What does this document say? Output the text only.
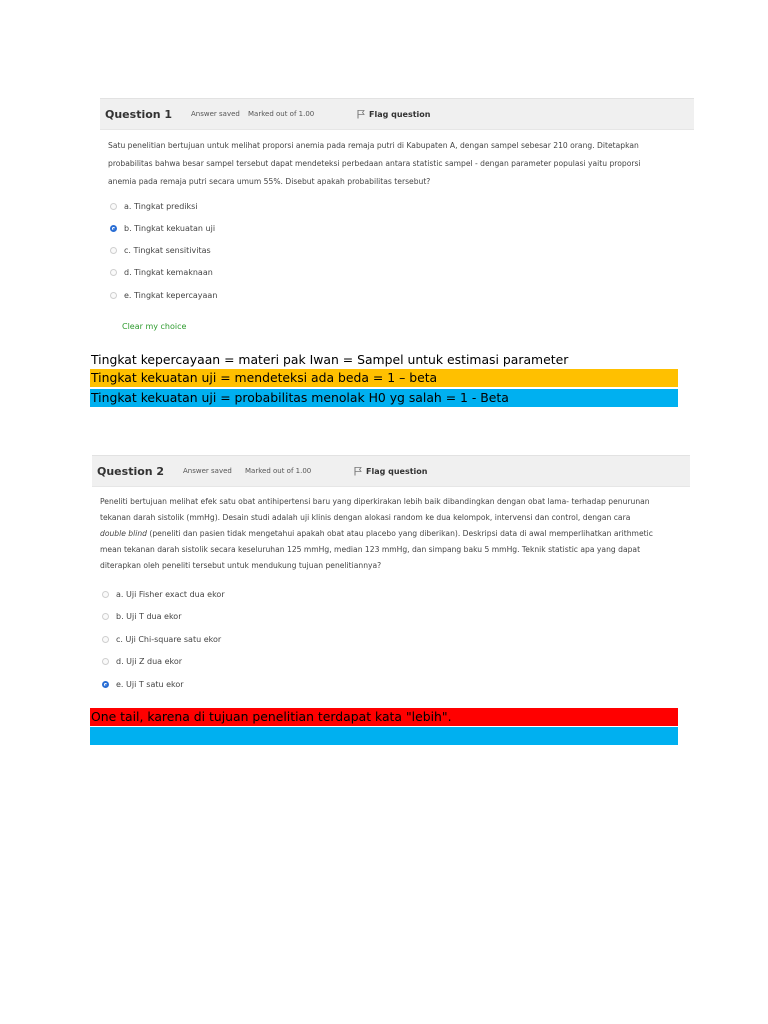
Question 1	Answer saved	Marked out of 1.00	Flag question
Satu penelitian bertujuan untuk melihat proporsi anemia pada remaja putri di Kabupaten A, dengan sampel sebesar 210 orang. Ditetapkan
probabilitas bahwa besar sampel tersebut dapat mendeteksi perbedaan antara statistic sampel - dengan parameter populasi yaitu proporsi
anemia pada remaja putri secara umum 55%. Disebut apakah probabilitas tersebut?
a. Tingkat prediksi
b. Tingkat kekuatan uji
c. Tingkat sensitivitas
d. Tingkat kemaknaan
e. Tingkat kepercayaan
Clear my choice
Tingkat kepercayaan = materi pak Iwan = Sampel untuk estimasi parameter
Tingkat kekuatan uji = mendeteksi ada beda = 1 – beta
Tingkat kekuatan uji = probabilitas menolak H0 yg salah = 1 - Beta
Question 2	Answer saved	Marked out of 1.00	Flag question
Peneliti bertujuan melihat efek satu obat antihipertensi baru yang diperkirakan lebih baik dibandingkan dengan obat lama- terhadap penurunan
tekanan darah sistolik (mmHg). Desain studi adalah uji klinis dengan alokasi random ke dua kelompok, intervensi dan control, dengan cara
double blind (peneliti dan pasien tidak mengetahui apakah obat atau placebo yang diberikan). Deskripsi data di awal memperlihatkan arithmetic
mean tekanan darah sistolik secara keseluruhan 125 mmHg, median 123 mmHg, dan simpang baku 5 mmHg. Teknik statistic apa yang dapat
diterapkan oleh peneliti tersebut untuk mendukung tujuan penelitiannya?
a. Uji Fisher exact dua ekor
b. Uji T dua ekor
c. Uji Chi-square satu ekor
d. Uji Z dua ekor
e. Uji T satu ekor
One tail, karena di tujuan penelitian terdapat kata "lebih".
